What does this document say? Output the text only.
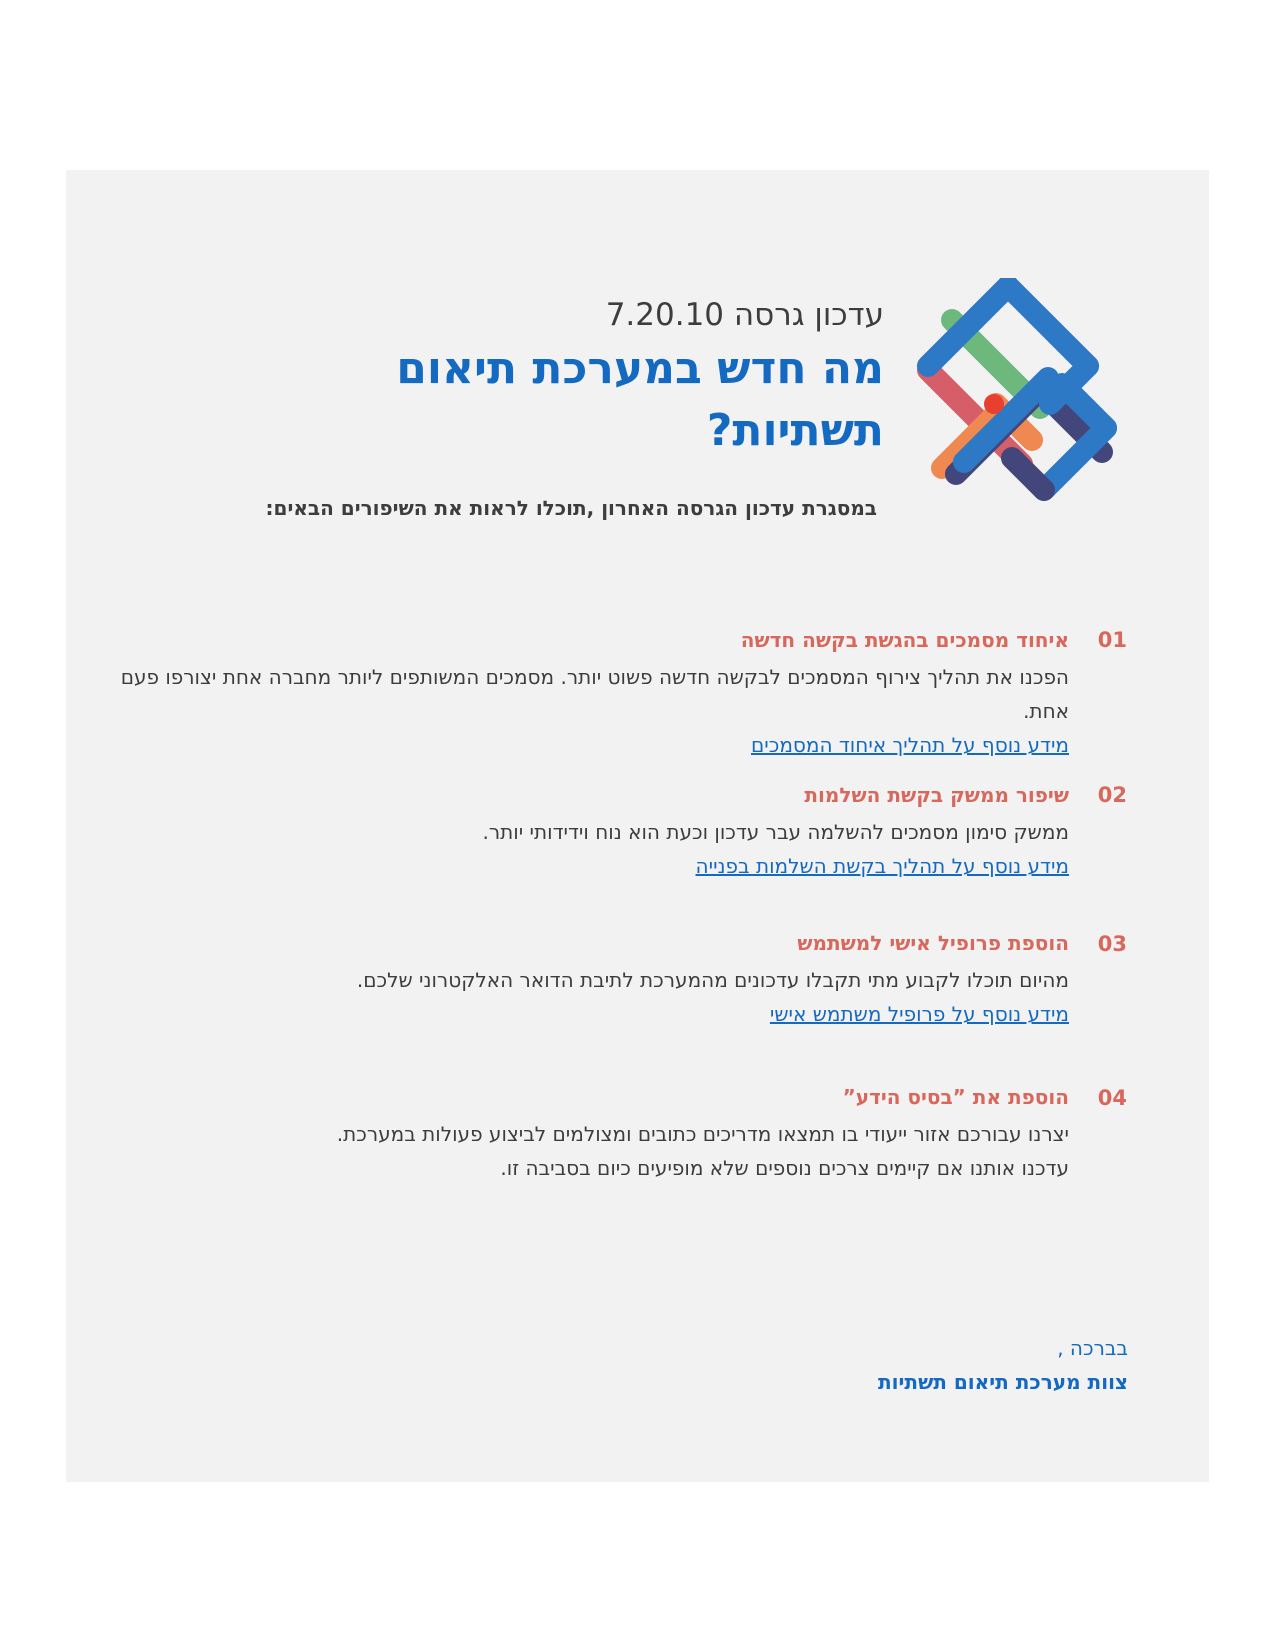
עדכון גרסה 7.20.10
מה חדש במערכת תיאום תשתיות?
במסגרת עדכון הגרסה האחרון ,תוכלו לראות את השיפורים הבאים:
01
איחוד מסמכים בהגשת בקשה חדשה
הפכנו את תהליך צירוף המסמכים לבקשה חדשה פשוט יותר. מסמכים המשותפים ליותר מחברה אחת יצורפו פעם אחת.
מידע נוסף על תהליך איחוד המסמכים
02
שיפור ממשק בקשת השלמות
ממשק סימון מסמכים להשלמה עבר עדכון וכעת הוא נוח וידידותי יותר.
מידע נוסף על תהליך בקשת השלמות בפנייה
03
הוספת פרופיל אישי למשתמש
מהיום תוכלו לקבוע מתי תקבלו עדכונים מהמערכת לתיבת הדואר האלקטרוני שלכם.
מידע נוסף על פרופיל משתמש אישי
04
הוספת את ”בסיס הידע”
יצרנו עבורכם אזור ייעודי בו תמצאו מדריכים כתובים ומצולמים לביצוע פעולות במערכת.
עדכנו אותנו אם קיימים צרכים נוספים שלא מופיעים כיום בסביבה זו.
בברכה ,
צוות מערכת תיאום תשתיות
